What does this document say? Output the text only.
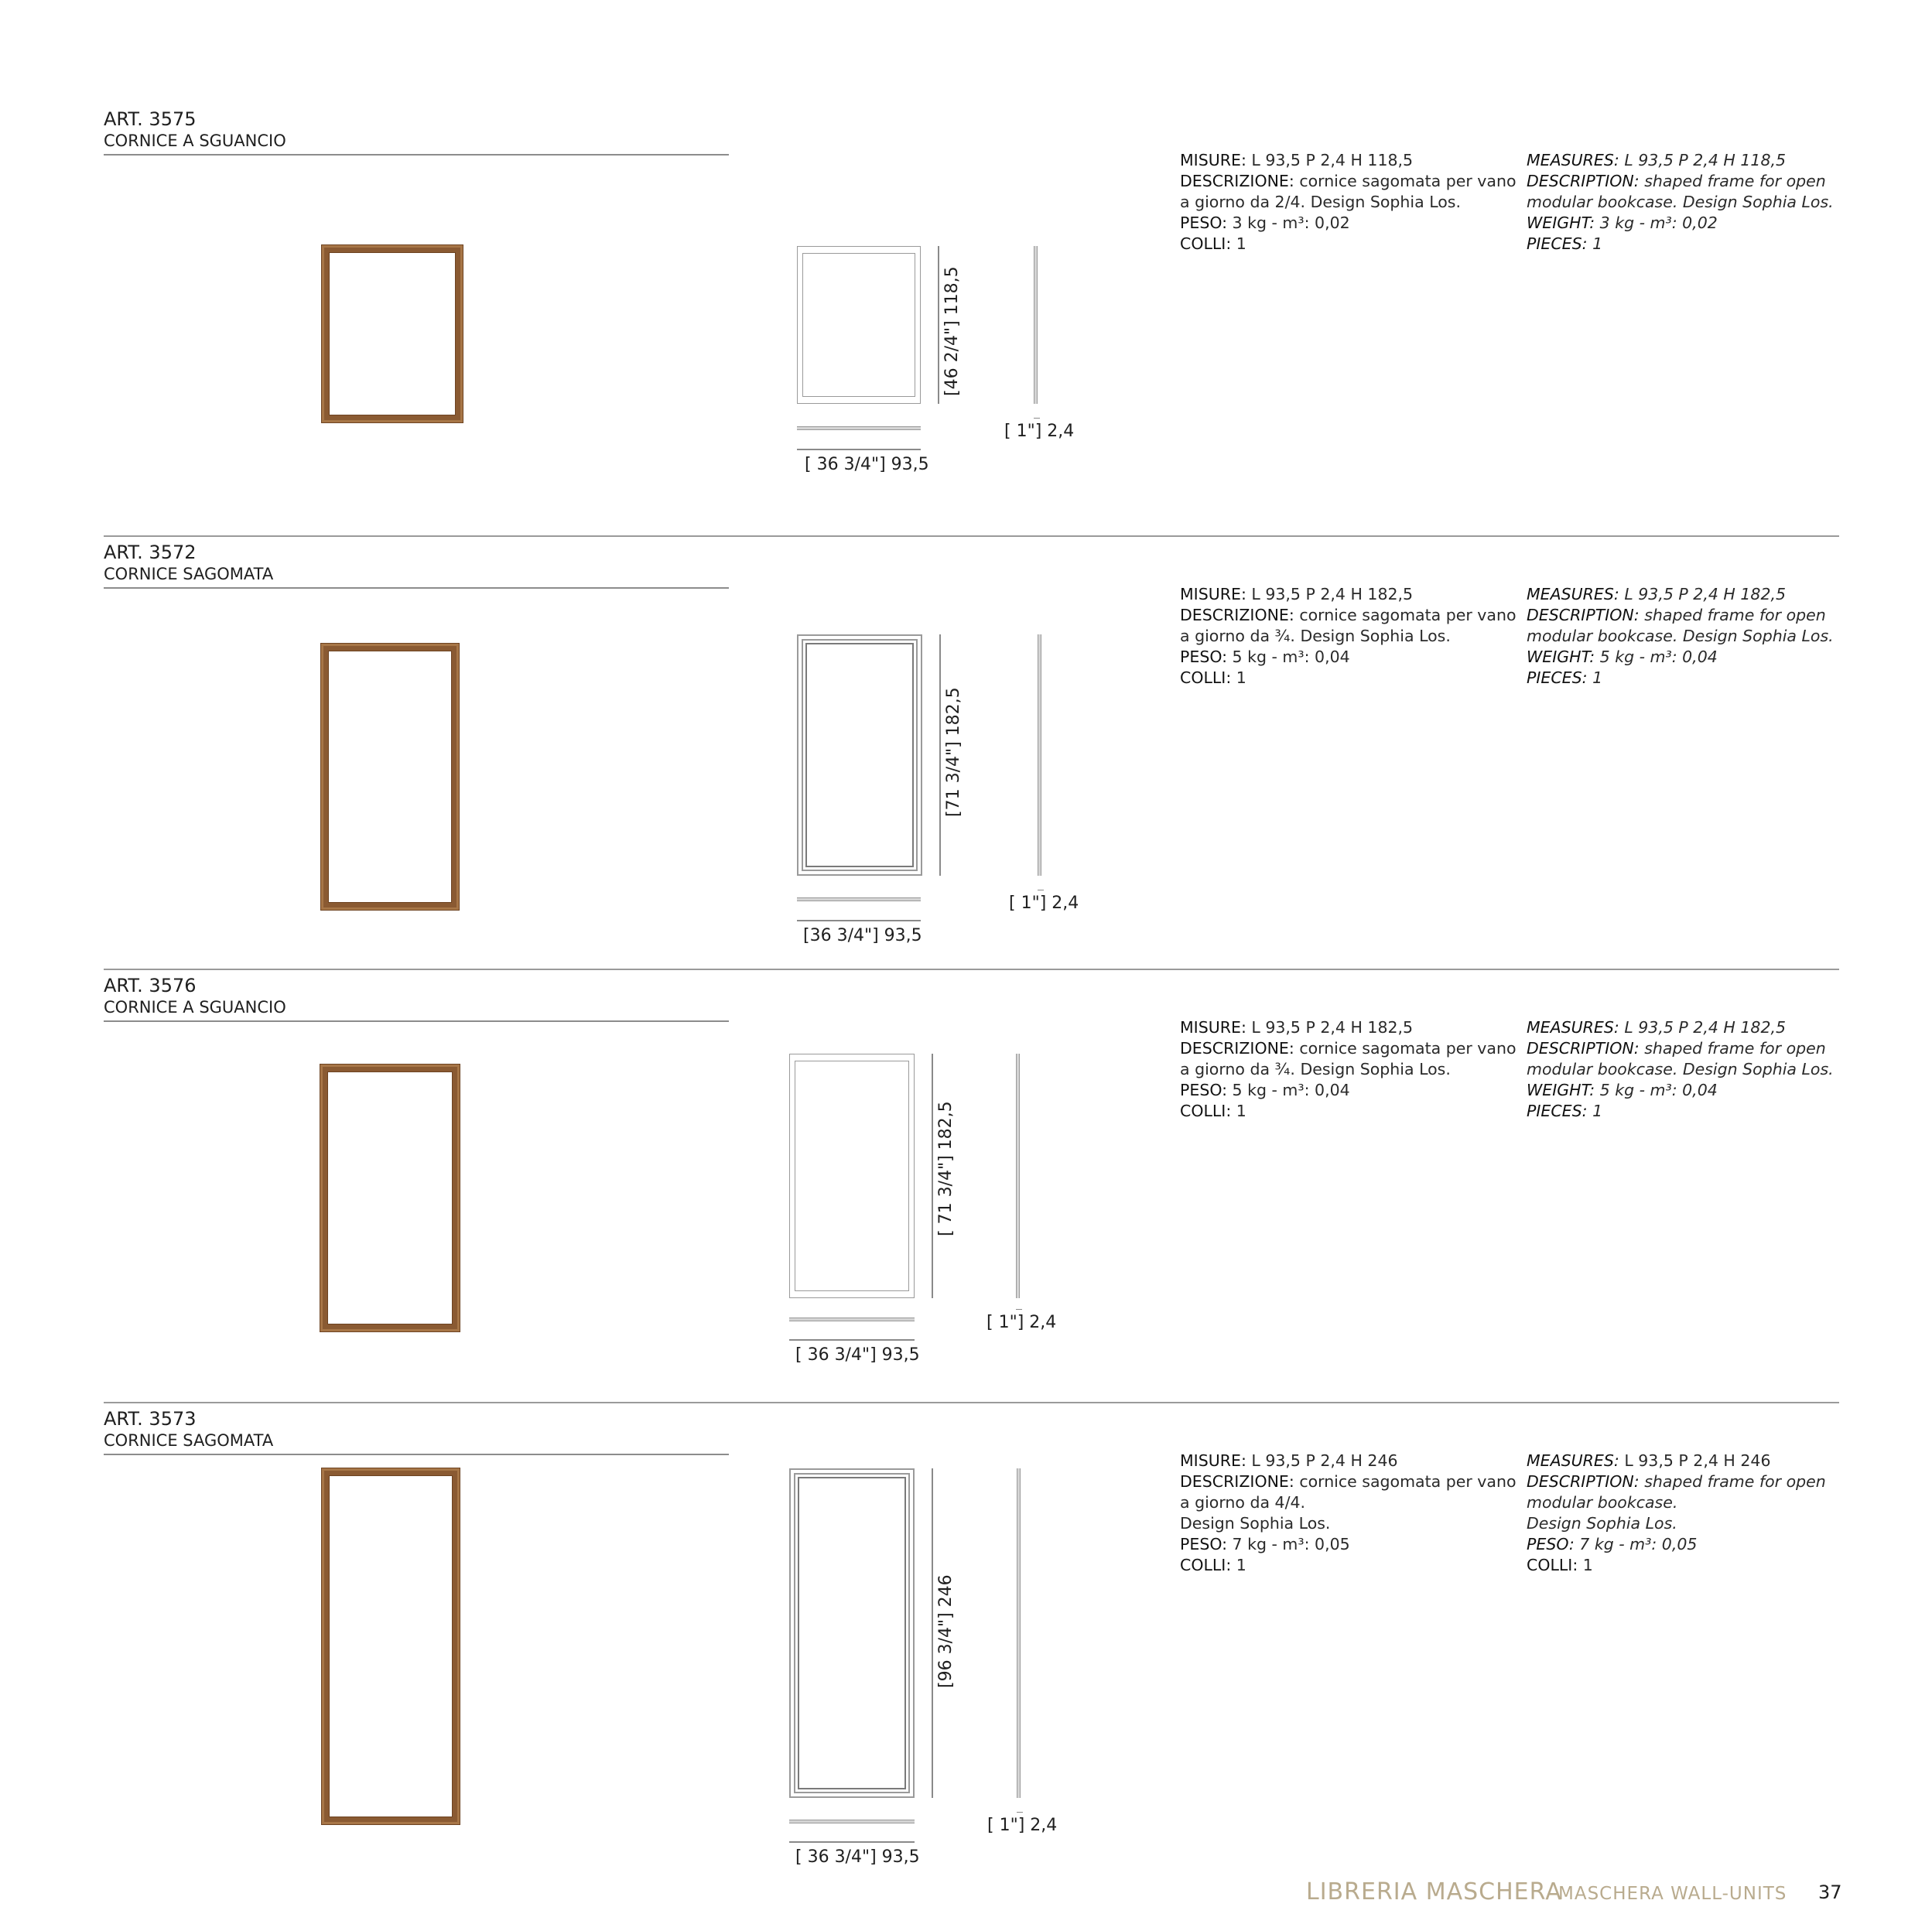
ART. 3575
CORNICE A SGUANCIO
[46 2/4"] 118,5
[ 36 3/4"] 93,5
[ 1"] 2,4
MISURE: L 93,5 P 2,4 H 118,5
DESCRIZIONE: cornice sagomata per vano
a giorno da 2/4. Design Sophia Los.
PESO: 3 kg - m³: 0,02
COLLI: 1
MEASURES: L 93,5 P 2,4 H 118,5
DESCRIPTION: shaped frame for open
modular bookcase. Design Sophia Los.
WEIGHT: 3 kg - m³: 0,02
PIECES: 1
ART. 3572
CORNICE SAGOMATA
[71 3/4"] 182,5
[36 3/4"] 93,5
[ 1"] 2,4
MISURE: L 93,5 P 2,4 H 182,5
DESCRIZIONE: cornice sagomata per vano
a giorno da ¾. Design Sophia Los.
PESO: 5 kg - m³: 0,04
COLLI: 1
MEASURES: L 93,5 P 2,4 H 182,5
DESCRIPTION: shaped frame for open
modular bookcase. Design Sophia Los.
WEIGHT: 5 kg - m³: 0,04
PIECES: 1
ART. 3576
CORNICE A SGUANCIO
[ 71 3/4"] 182,5
[ 36 3/4"] 93,5
[ 1"] 2,4
MISURE: L 93,5 P 2,4 H 182,5
DESCRIZIONE: cornice sagomata per vano
a giorno da ¾. Design Sophia Los.
PESO: 5 kg - m³: 0,04
COLLI: 1
MEASURES: L 93,5 P 2,4 H 182,5
DESCRIPTION: shaped frame for open
modular bookcase. Design Sophia Los.
WEIGHT: 5 kg - m³: 0,04
PIECES: 1
ART. 3573
CORNICE SAGOMATA
[96 3/4"] 246
[ 36 3/4"] 93,5
[ 1"] 2,4
MISURE: L 93,5 P 2,4 H 246
DESCRIZIONE: cornice sagomata per vano
a giorno da 4/4.
Design Sophia Los.
PESO: 7 kg - m³: 0,05
COLLI: 1
MEASURES: L 93,5 P 2,4 H 246
DESCRIPTION: shaped frame for open
modular bookcase.
Design Sophia Los.
PESO: 7 kg - m³: 0,05
COLLI: 1
LIBRERIA MASCHERA
MASCHERA WALL-UNITS 37
